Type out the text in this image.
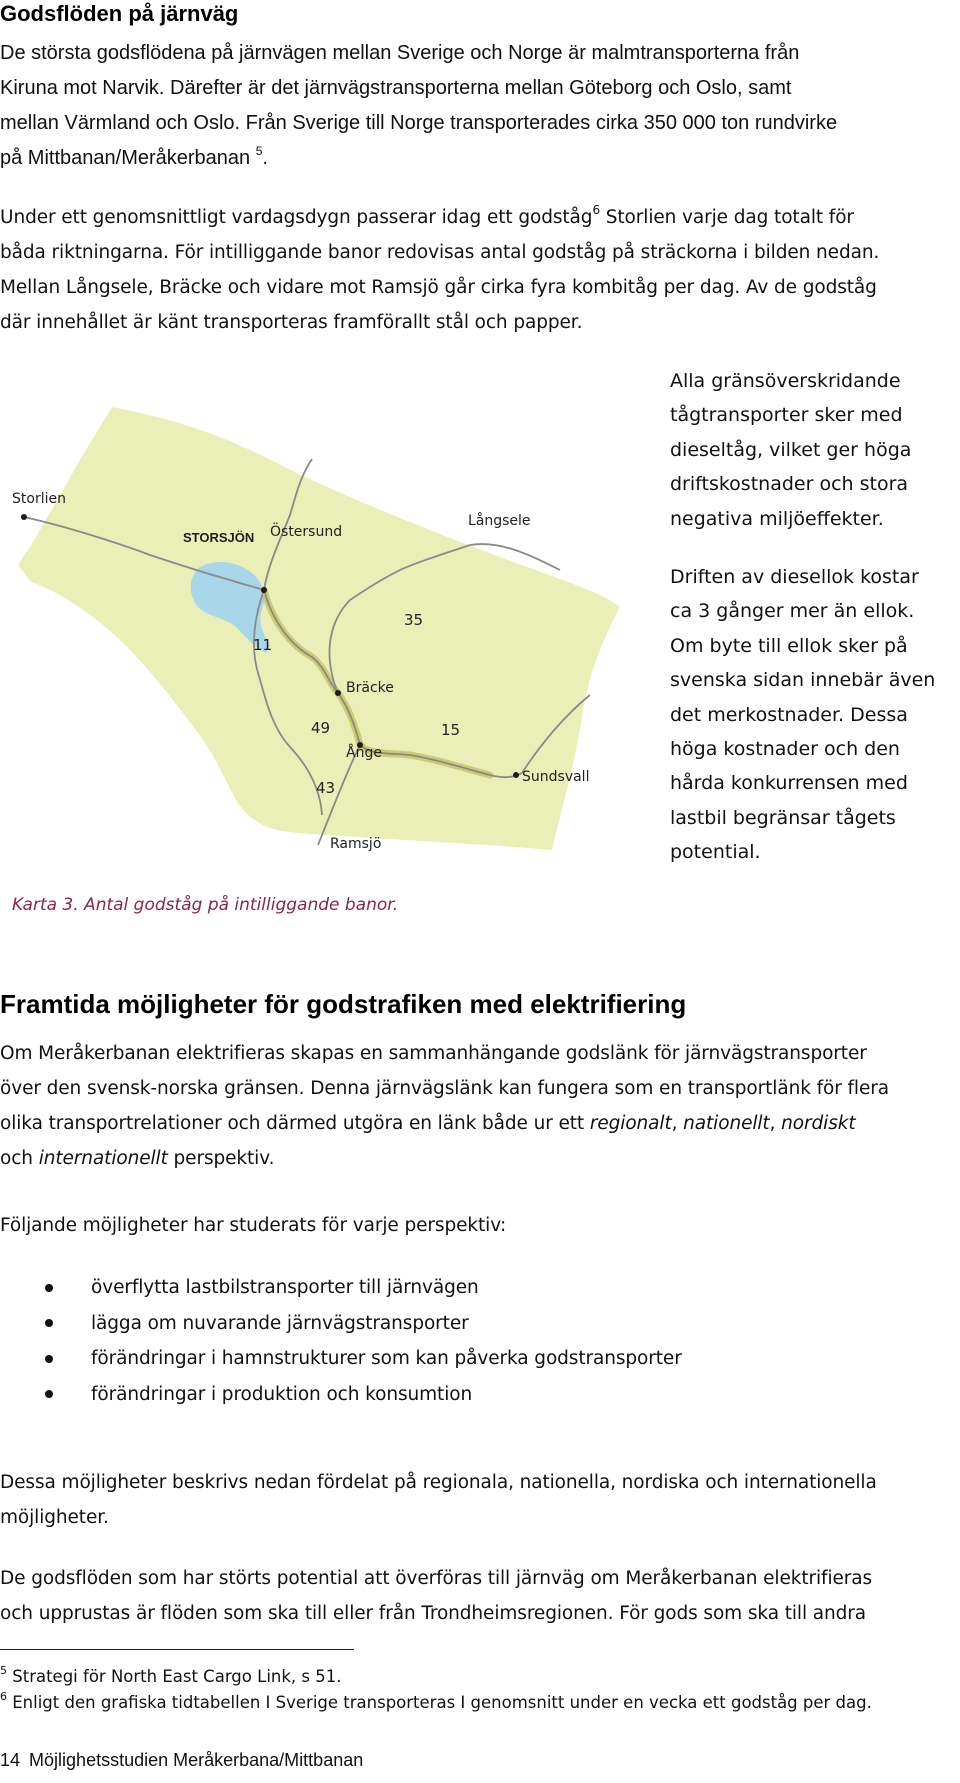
Godsflöden på järnväg
De största godsflödena på järnvägen mellan Sverige och Norge är malmtransporterna från
Kiruna mot Narvik. Därefter är det järnvägstransporterna mellan Göteborg och Oslo, samt
mellan Värmland och Oslo. Från Sverige till Norge transporterades cirka 350 000 ton rundvirke
på Mittbanan/Meråkerbanan $^5$.
Under ett genomsnittligt vardagsdygn passerar idag ett godståg$^6$ Storlien varje dag totalt för
båda riktningarna. För intilliggande banor redovisas antal godståg på sträckorna i bilden nedan.
Mellan Långsele, Bräcke och vidare mot Ramsjö går cirka fyra kombitåg per dag. Av de godståg
där innehållet är känt transporteras framförallt stål och papper.
Storlien
STORSJÖN Östersund
Långsele
Bräcke
Ånge
Sundsvall
Ramsjö
11
35
49	15
43
Karta 3. Antal godståg på intilliggande banor.
Alla gränsöverskridande
tågtransporter sker med
dieseltåg, vilket ger höga
driftskostnader och stora
negativa miljöeffekter.
Driften av diesellok kostar
ca 3 gånger mer än ellok.
Om byte till ellok sker på
svenska sidan innebär även
det merkostnader. Dessa
höga kostnader och den
hårda konkurrensen med
lastbil begränsar tågets
potential.
Framtida möjligheter för godstrafiken med elektrifiering
Om Meråkerbanan elektrifieras skapas en sammanhängande godslänk för järnvägstransporter
över den svensk-norska gränsen. Denna järnvägslänk kan fungera som en transportlänk för flera
olika transportrelationer och därmed utgöra en länk både ur ett regionalt, nationellt, nordiskt
och internationellt perspektiv.
Följande möjligheter har studerats för varje perspektiv:
överflytta lastbilstransporter till järnvägen
lägga om nuvarande järnvägstransporter
förändringar i hamnstrukturer som kan påverka godstransporter
förändringar i produktion och konsumtion
Dessa möjligheter beskrivs nedan fördelat på regionala, nationella, nordiska och internationella
möjligheter.
De godsflöden som har störts potential att överföras till järnväg om Meråkerbanan elektrifieras
och upprustas är flöden som ska till eller från Trondheimsregionen. För gods som ska till andra
$^5$ Strategi för North East Cargo Link, s 51.
$^6$ Enligt den grafiska tidtabellen I Sverige transporteras I genomsnitt under en vecka ett godståg per dag.
14 Möjlighetsstudien Meråkerbana/Mittbanan
